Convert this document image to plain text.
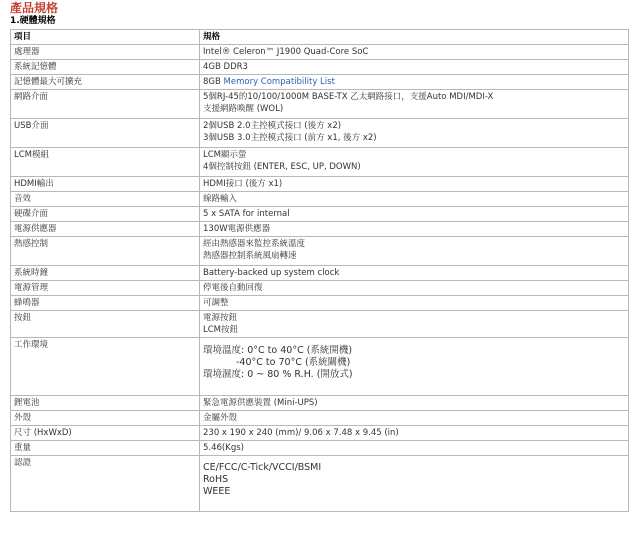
產品規格
1.硬體規格
項目	規格
處理器	Intel® Celeron™ J1900 Quad-Core SoC
系統記憶體	4GB DDR3
記憶體最大可擴充	8GB Memory Compatibility List
網路介面	5個RJ-45的10/100/1000M BASE-TX 乙太網路接口，支援Auto MDI/MDI-X
支援網路喚醒 (WOL)

USB介面	2個USB 2.0主控模式接口 (後方 x2)
3個USB 3.0主控模式接口 (前方 x1, 後方 x2)

LCM模組	LCM顯示螢
4個控制按鈕 (ENTER, ESC, UP, DOWN)

HDMI輸出	HDMI接口 (後方 x1)
音效	線路輸入
硬碟介面	5 x SATA for internal
電源供應器	130W電源供應器
熱感控制	經由熱感器來監控系統溫度
熱感器控制系統風扇轉速

系統時鐘	Battery-backed up system clock
電源管理	停電後自動回復
蜂鳴器	可調整
按鈕	電源按鈕
LCM按鈕

工作環境	環境溫度: 0°C to 40°C (系統開機)
-40°C to 70°C (系統關機)
環境濕度: 0 ~ 80 % R.H. (開放式)

鋰電池	緊急電源供應裝置 (Mini-UPS)
外殼	金屬外殼
尺寸 (HxWxD)	230 x 190 x 240 (mm)/ 9.06 x 7.48 x 9.45 (in)
重量	5.46(Kgs)
認證	CE/FCC/C-Tick/VCCI/BSMI
RoHS
WEEE
